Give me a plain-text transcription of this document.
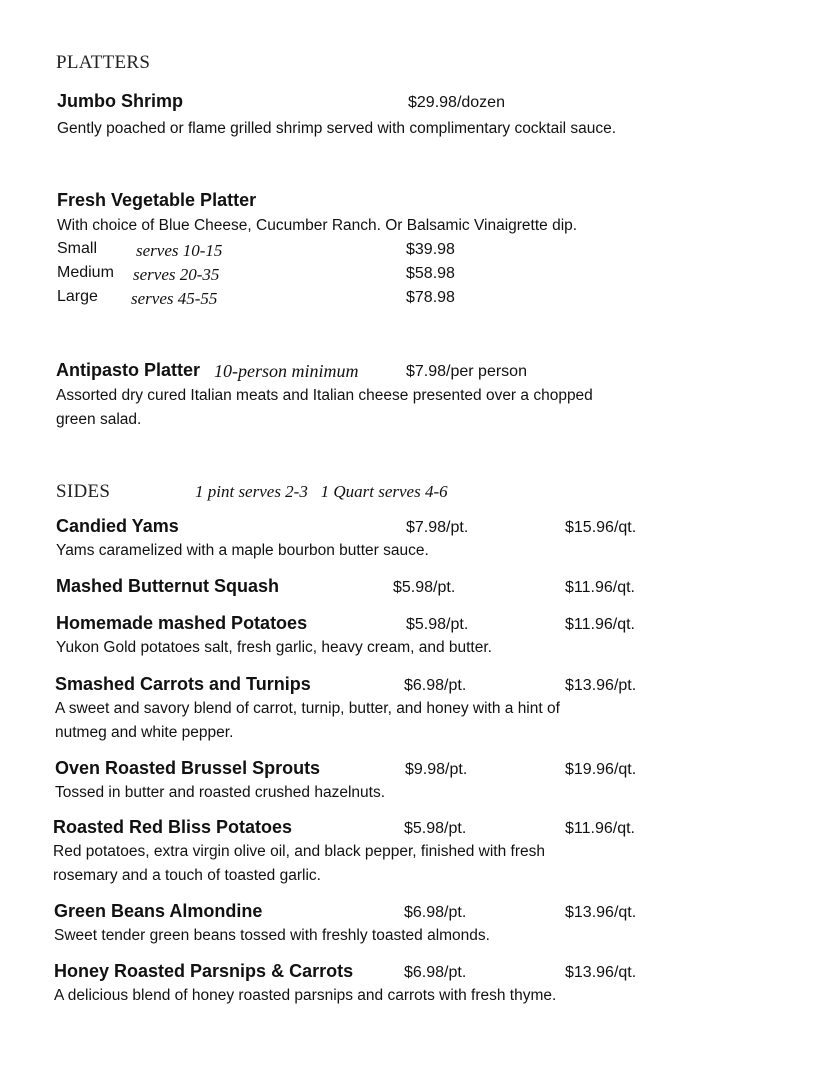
PLATTERS
Jumbo Shrimp	$29.98/dozen
Gently poached or flame grilled shrimp served with complimentary cocktail sauce.
Fresh Vegetable Platter
With choice of Blue Cheese, Cucumber Ranch. Or Balsamic Vinaigrette dip.
Small serves 10-15	$39.98
Medium serves 20-35	$58.98
Large serves 45-55	$78.98
Antipasto Platter 10-person minimum	$7.98/per person
Assorted dry cured Italian meats and Italian cheese presented over a chopped green salad.
SIDES	1 pint serves 2-3   1 Quart serves 4-6
Candied Yams	$7.98/pt.	$15.96/qt.
Yams caramelized with a maple bourbon butter sauce.
Mashed Butternut Squash	$5.98/pt.	$11.96/qt.
Homemade mashed Potatoes	$5.98/pt.	$11.96/qt.
Yukon Gold potatoes salt, fresh garlic, heavy cream, and butter.
Smashed Carrots and Turnips	$6.98/pt.	$13.96/pt.
A sweet and savory blend of carrot, turnip, butter, and honey with a hint of nutmeg and white pepper.
Oven Roasted Brussel Sprouts	$9.98/pt.	$19.96/qt.
Tossed in butter and roasted crushed hazelnuts.
Roasted Red Bliss Potatoes	$5.98/pt.	$11.96/qt.
Red potatoes, extra virgin olive oil, and black pepper, finished with fresh rosemary and a touch of toasted garlic.
Green Beans Almondine	$6.98/pt.	$13.96/qt.
Sweet tender green beans tossed with freshly toasted almonds.
Honey Roasted Parsnips & Carrots	$6.98/pt.	$13.96/qt.
A delicious blend of honey roasted parsnips and carrots with fresh thyme.
